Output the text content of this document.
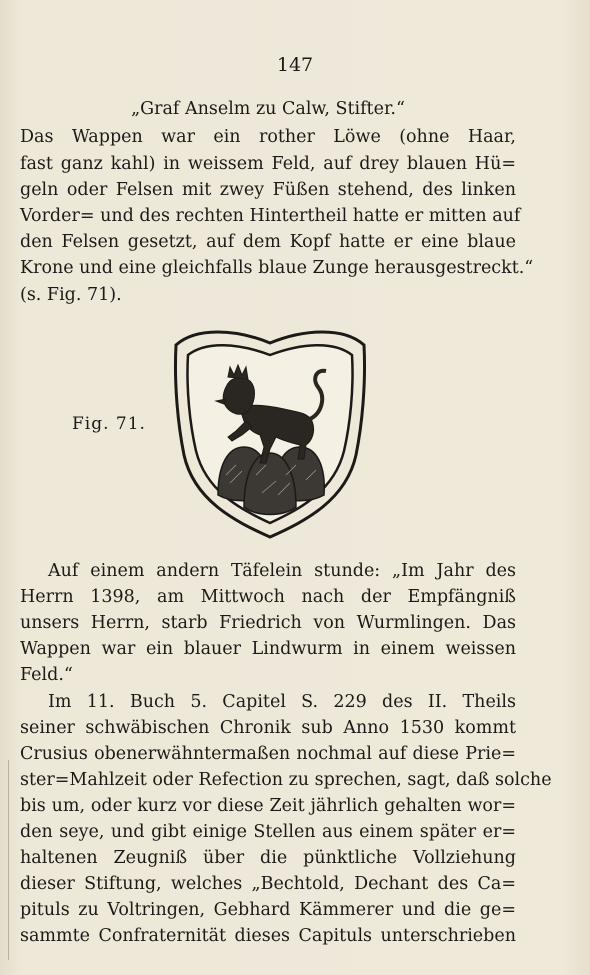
147
„Graf Anselm zu Calw, Stifter.“
Das Wappen war ein rother Löwe (ohne Haar,
fast ganz kahl) in weissem Feld, auf drey blauen Hü=
geln oder Felsen mit zwey Füßen stehend, des linken
Vorder= und des rechten Hintertheil hatte er mitten auf
den Felsen gesetzt, auf dem Kopf hatte er eine blaue
Krone und eine gleichfalls blaue Zunge herausgestreckt.“
(s. Fig. 71).
Fig. 71.
Auf einem andern Täfelein stunde: „Im Jahr des
Herrn 1398, am Mittwoch nach der Empfängniß
unsers Herrn, starb Friedrich von Wurmlingen. Das
Wappen war ein blauer Lindwurm in einem weissen
Feld.“
Im 11. Buch 5. Capitel S. 229 des II. Theils
seiner schwäbischen Chronik sub Anno 1530 kommt
Crusius obenerwähntermaßen nochmal auf diese Prie=
ster=Mahlzeit oder Refection zu sprechen, sagt, daß solche
bis um, oder kurz vor diese Zeit jährlich gehalten wor=
den seye, und gibt einige Stellen aus einem später er=
haltenen Zeugniß über die pünktliche Vollziehung
dieser Stiftung, welches „Bechtold, Dechant des Ca=
pituls zu Voltringen, Gebhard Kämmerer und die ge=
sammte Confraternität dieses Capituls unterschrieben
